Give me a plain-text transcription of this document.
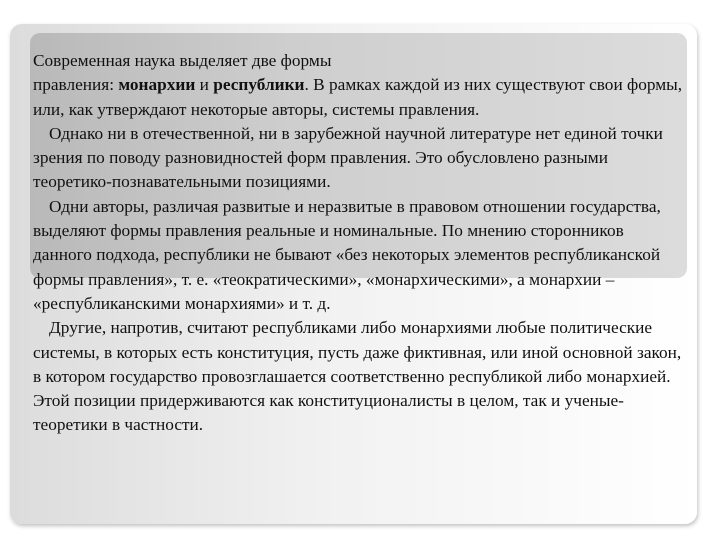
Современная наука выделяет две формы
правления: монархии и республики. В рамках каждой из них существуют свои формы, или, как утверждают некоторые авторы, системы правления.

Однако ни в отечественной, ни в зарубежной научной литературе нет единой точки зрения по поводу разновидностей форм правления. Это обусловлено разными теоретико-познавательными позициями.

Одни авторы, различая развитые и неразвитые в правовом отношении государства, выделяют формы правления реальные и номинальные. По мнению сторонников данного подхода, республики не бывают «без некоторых элементов республиканской формы правления», т. е. «теократическими», «монархическими», а монархии – «республиканскими монархиями» и т. д.

Другие, напротив, считают республиками либо монархиями любые политические системы, в которых есть конституция, пусть даже фиктивная, или иной основной закон, в котором государство провозглашается соответственно республикой либо монархией. Этой позиции придерживаются как конституционалисты в целом, так и ученые-теоретики в частности.
